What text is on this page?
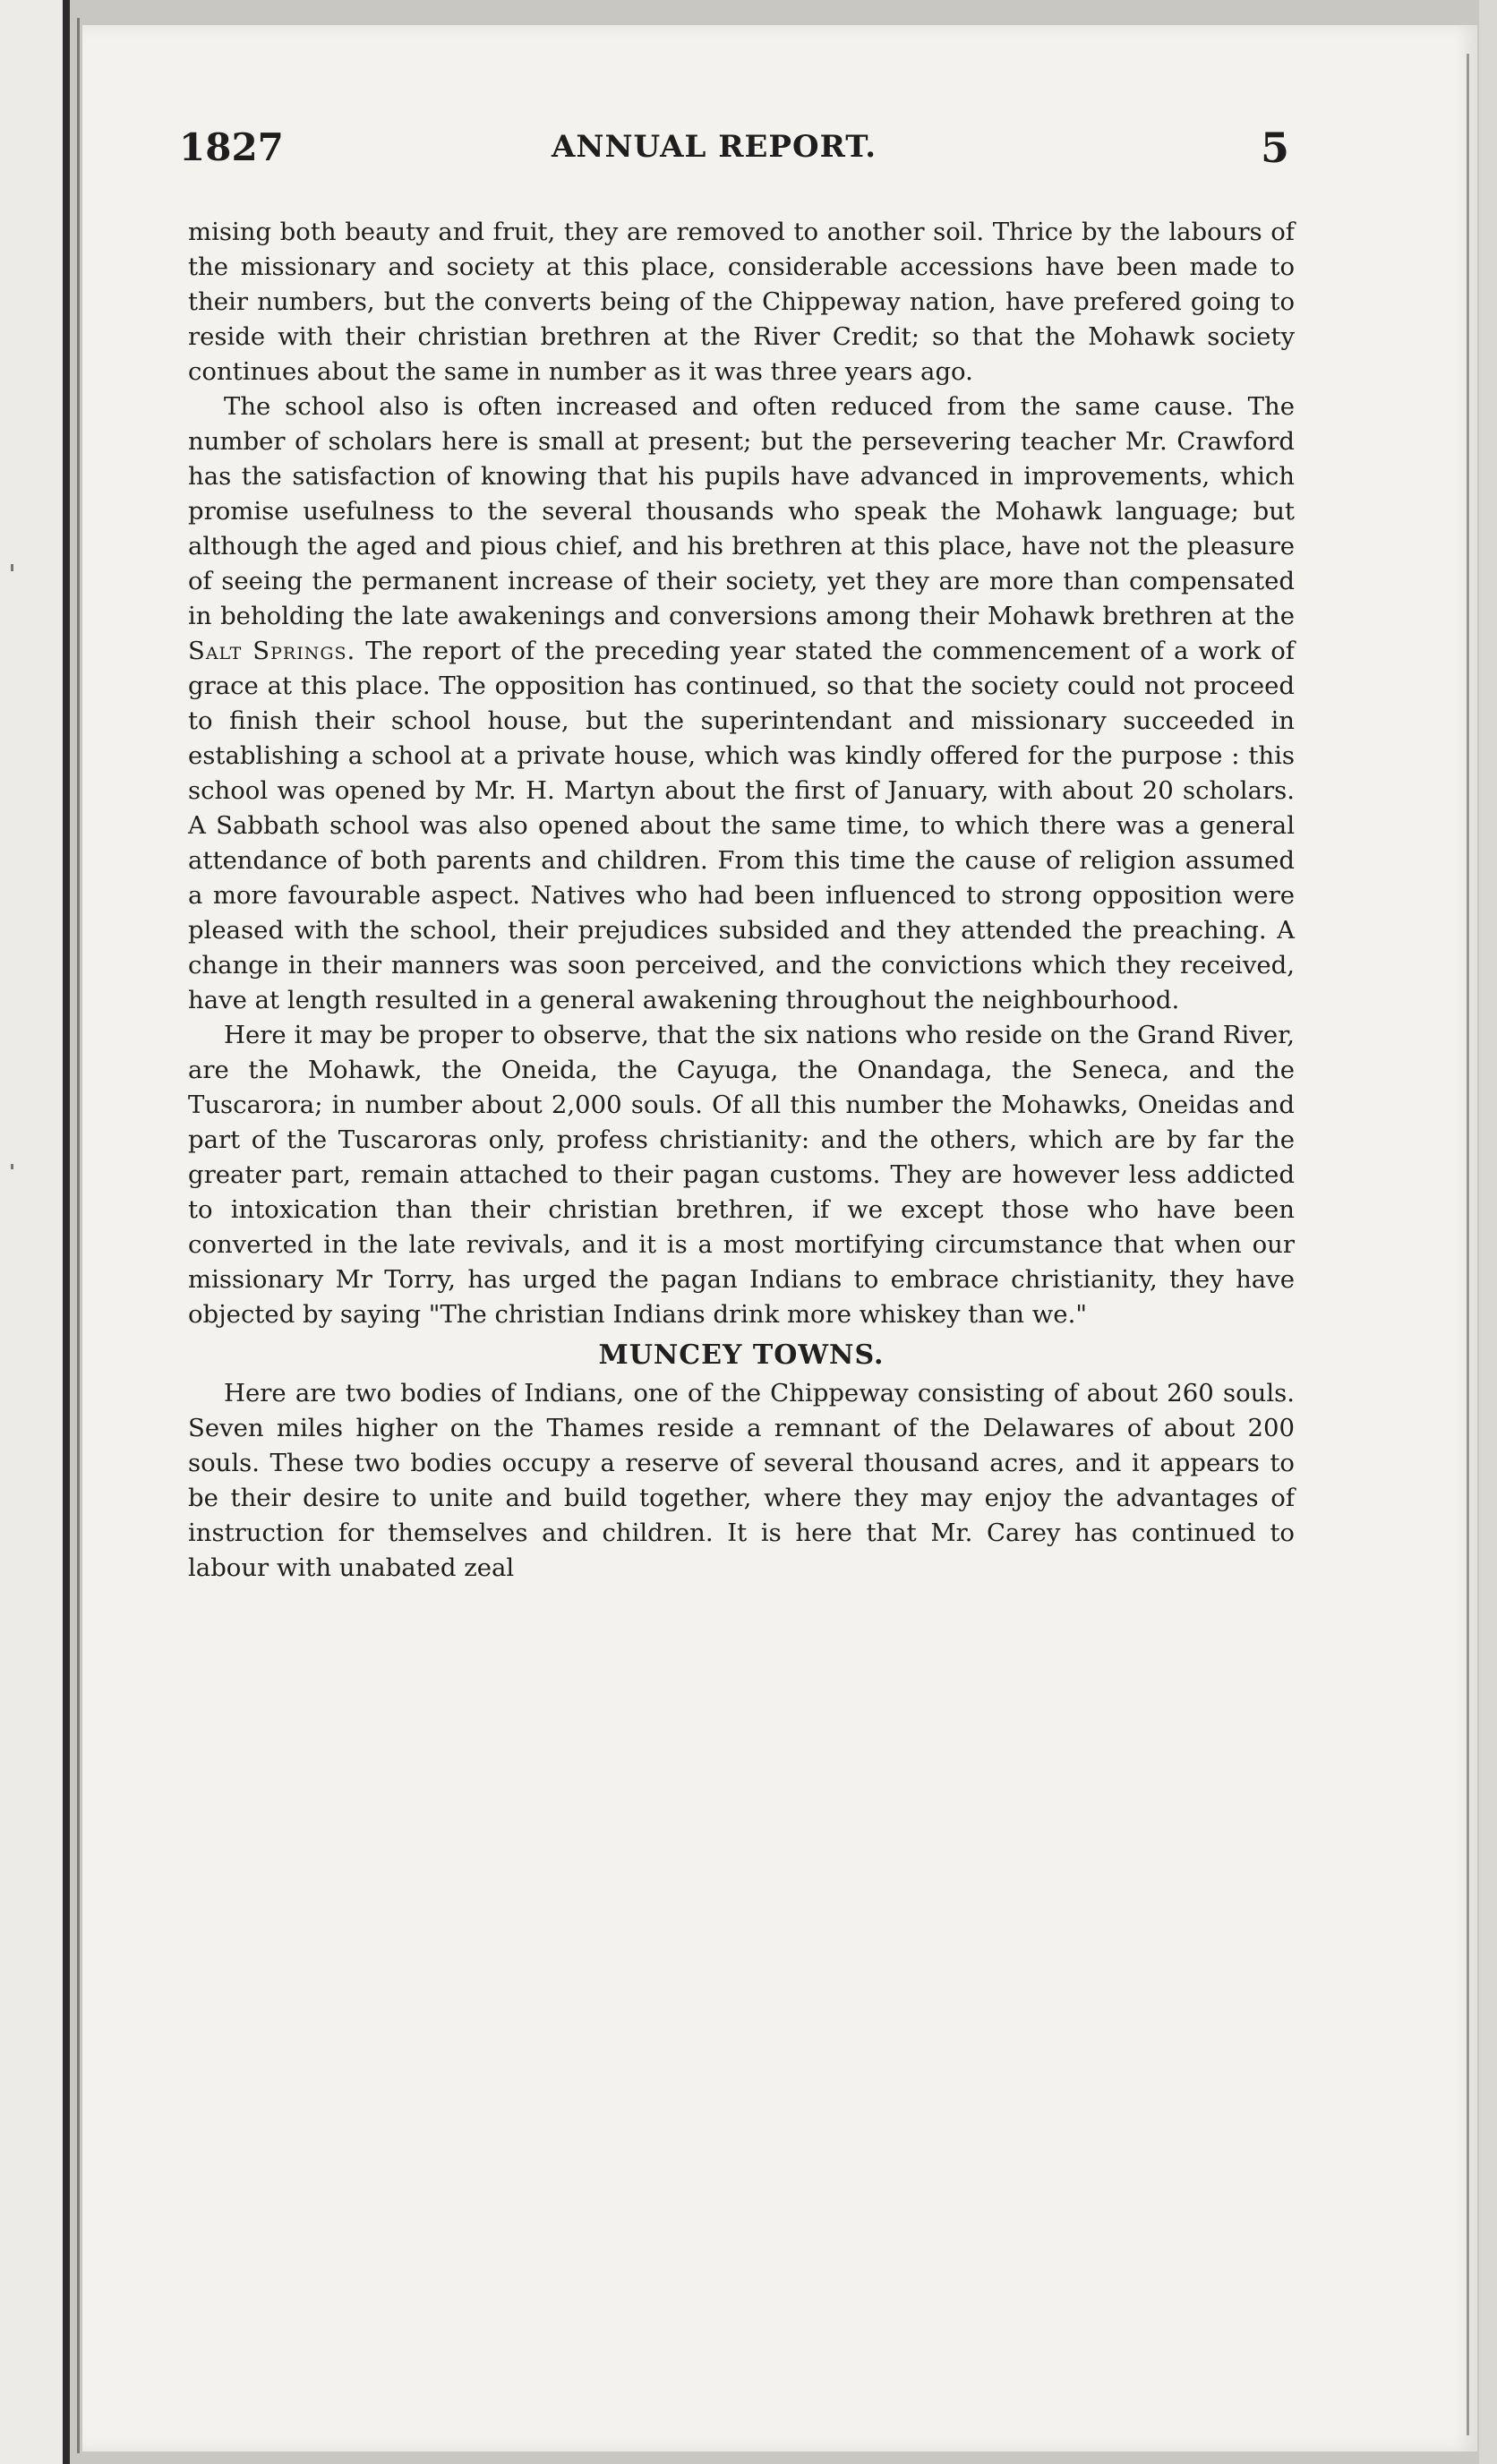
1827	ANNUAL REPORT.	5

mising both beauty and fruit, they are removed to another soil. Thrice by the labours of the missionary and society at this place, considerable accessions have been made to their numbers, but the converts being of the Chippeway nation, have prefered going to reside with their christian brethren at the River Credit; so that the Mohawk society continues about the same in number as it was three years ago.

The school also is often increased and often reduced from the same cause. The number of scholars here is small at present; but the persevering teacher Mr. Crawford has the satisfaction of knowing that his pupils have advanced in improvements, which promise usefulness to the several thousands who speak the Mohawk language; but although the aged and pious chief, and his brethren at this place, have not the pleasure of seeing the permanent increase of their society, yet they are more than compensated in beholding the late awakenings and conversions among their Mohawk brethren at the Salt Springs. The report of the preceding year stated the commencement of a work of grace at this place. The opposition has continued, so that the society could not proceed to finish their school house, but the superintendant and missionary succeeded in establishing a school at a private house, which was kindly offered for the purpose : this school was opened by Mr. H. Martyn about the first of January, with about 20 scholars. A Sabbath school was also opened about the same time, to which there was a general attendance of both parents and children. From this time the cause of religion assumed a more favourable aspect. Natives who had been influenced to strong opposition were pleased with the school, their prejudices subsided and they attended the preaching. A change in their manners was soon perceived, and the convictions which they received, have at length resulted in a general awakening throughout the neighbourhood.

Here it may be proper to observe, that the six nations who reside on the Grand River, are the Mohawk, the Oneida, the Cayuga, the Onandaga, the Seneca, and the Tuscarora; in number about 2,000 souls. Of all this number the Mohawks, Oneidas and part of the Tuscaroras only, profess christianity: and the others, which are by far the greater part, remain attached to their pagan customs. They are however less addicted to intoxication than their christian brethren, if we except those who have been converted in the late revivals, and it is a most mortifying circumstance that when our missionary Mr Torry, has urged the pagan Indians to embrace christianity, they have objected by saying "The christian Indians drink more whiskey than we."

MUNCEY TOWNS.

Here are two bodies of Indians, one of the Chippeway consisting of about 260 souls. Seven miles higher on the Thames reside a remnant of the Delawares of about 200 souls. These two bodies occupy a reserve of several thousand acres, and it appears to be their desire to unite and build together, where they may enjoy the advantages of instruction for themselves and children. It is here that Mr. Carey has continued to labour with unabated zeal
